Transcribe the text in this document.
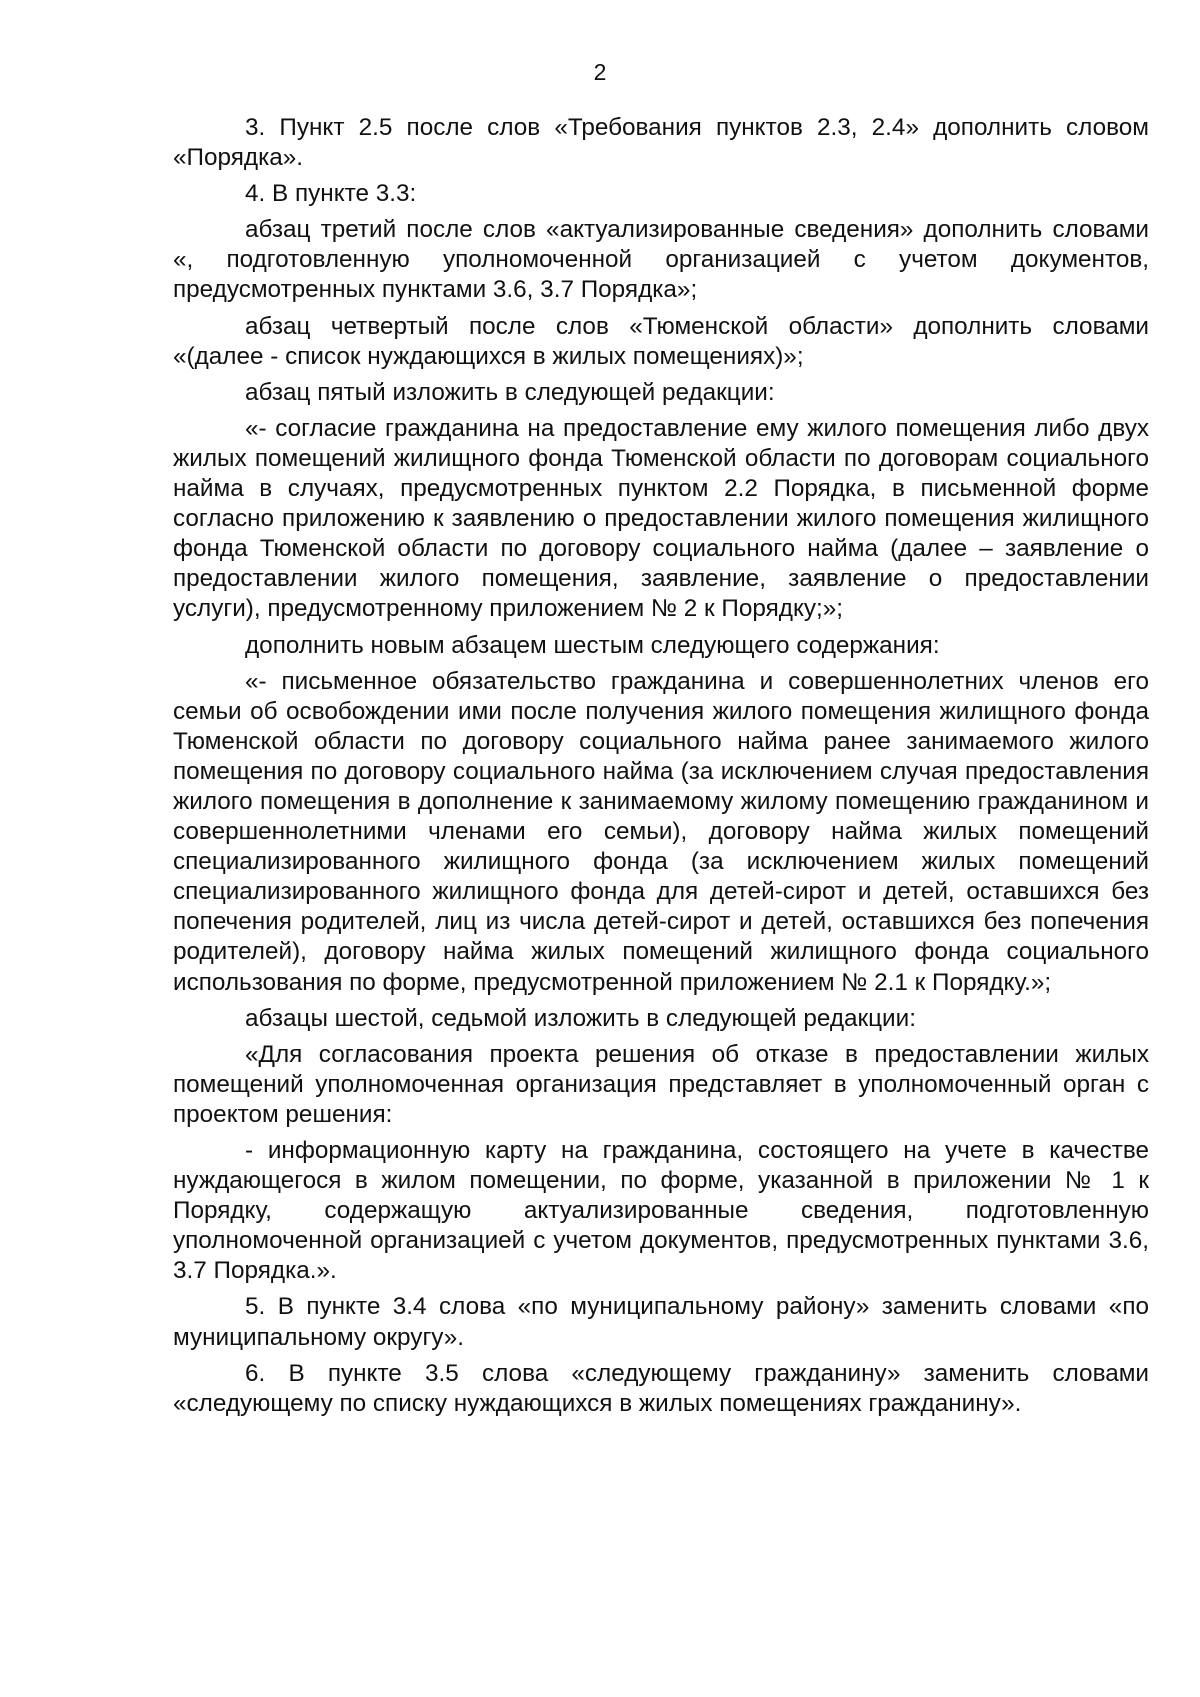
2

3. Пункт 2.5 после слов «Требования пунктов 2.3, 2.4» дополнить словом «Порядка».

4. В пункте 3.3:

абзац третий после слов «актуализированные сведения» дополнить словами «, подготовленную уполномоченной организацией с учетом документов, предусмотренных пунктами 3.6, 3.7 Порядка»;

абзац четвертый после слов «Тюменской области» дополнить словами «(далее - список нуждающихся в жилых помещениях)»;

абзац пятый изложить в следующей редакции:

«- согласие гражданина на предоставление ему жилого помещения либо двух жилых помещений жилищного фонда Тюменской области по договорам социального найма в случаях, предусмотренных пунктом 2.2 Порядка, в письменной форме согласно приложению к заявлению о предоставлении жилого помещения жилищного фонда Тюменской области по договору социального найма (далее – заявление о предоставлении жилого помещения, заявление, заявление о предоставлении услуги), предусмотренному приложением № 2 к Порядку;»;

дополнить новым абзацем шестым следующего содержания:

«- письменное обязательство гражданина и совершеннолетних членов его семьи об освобождении ими после получения жилого помещения жилищного фонда Тюменской области по договору социального найма ранее занимаемого жилого помещения по договору социального найма (за исключением случая предоставления жилого помещения в дополнение к занимаемому жилому помещению гражданином и совершеннолетними членами его семьи), договору найма жилых помещений специализированного жилищного фонда (за исключением жилых помещений специализированного жилищного фонда для детей-сирот и детей, оставшихся без попечения родителей, лиц из числа детей-сирот и детей, оставшихся без попечения родителей), договору найма жилых помещений жилищного фонда социального использования по форме, предусмотренной приложением № 2.1 к Порядку.»;

абзацы шестой, седьмой изложить в следующей редакции:

«Для согласования проекта решения об отказе в предоставлении жилых помещений уполномоченная организация представляет в уполномоченный орган с проектом решения:

- информационную карту на гражданина, состоящего на учете в качестве нуждающегося в жилом помещении, по форме, указанной в приложении № 1 к Порядку, содержащую актуализированные сведения, подготовленную уполномоченной организацией с учетом документов, предусмотренных пунктами 3.6, 3.7 Порядка.».

5. В пункте 3.4 слова «по муниципальному району» заменить словами «по муниципальному округу».

6. В пункте 3.5 слова «следующему гражданину» заменить словами «следующему по списку нуждающихся в жилых помещениях гражданину».
